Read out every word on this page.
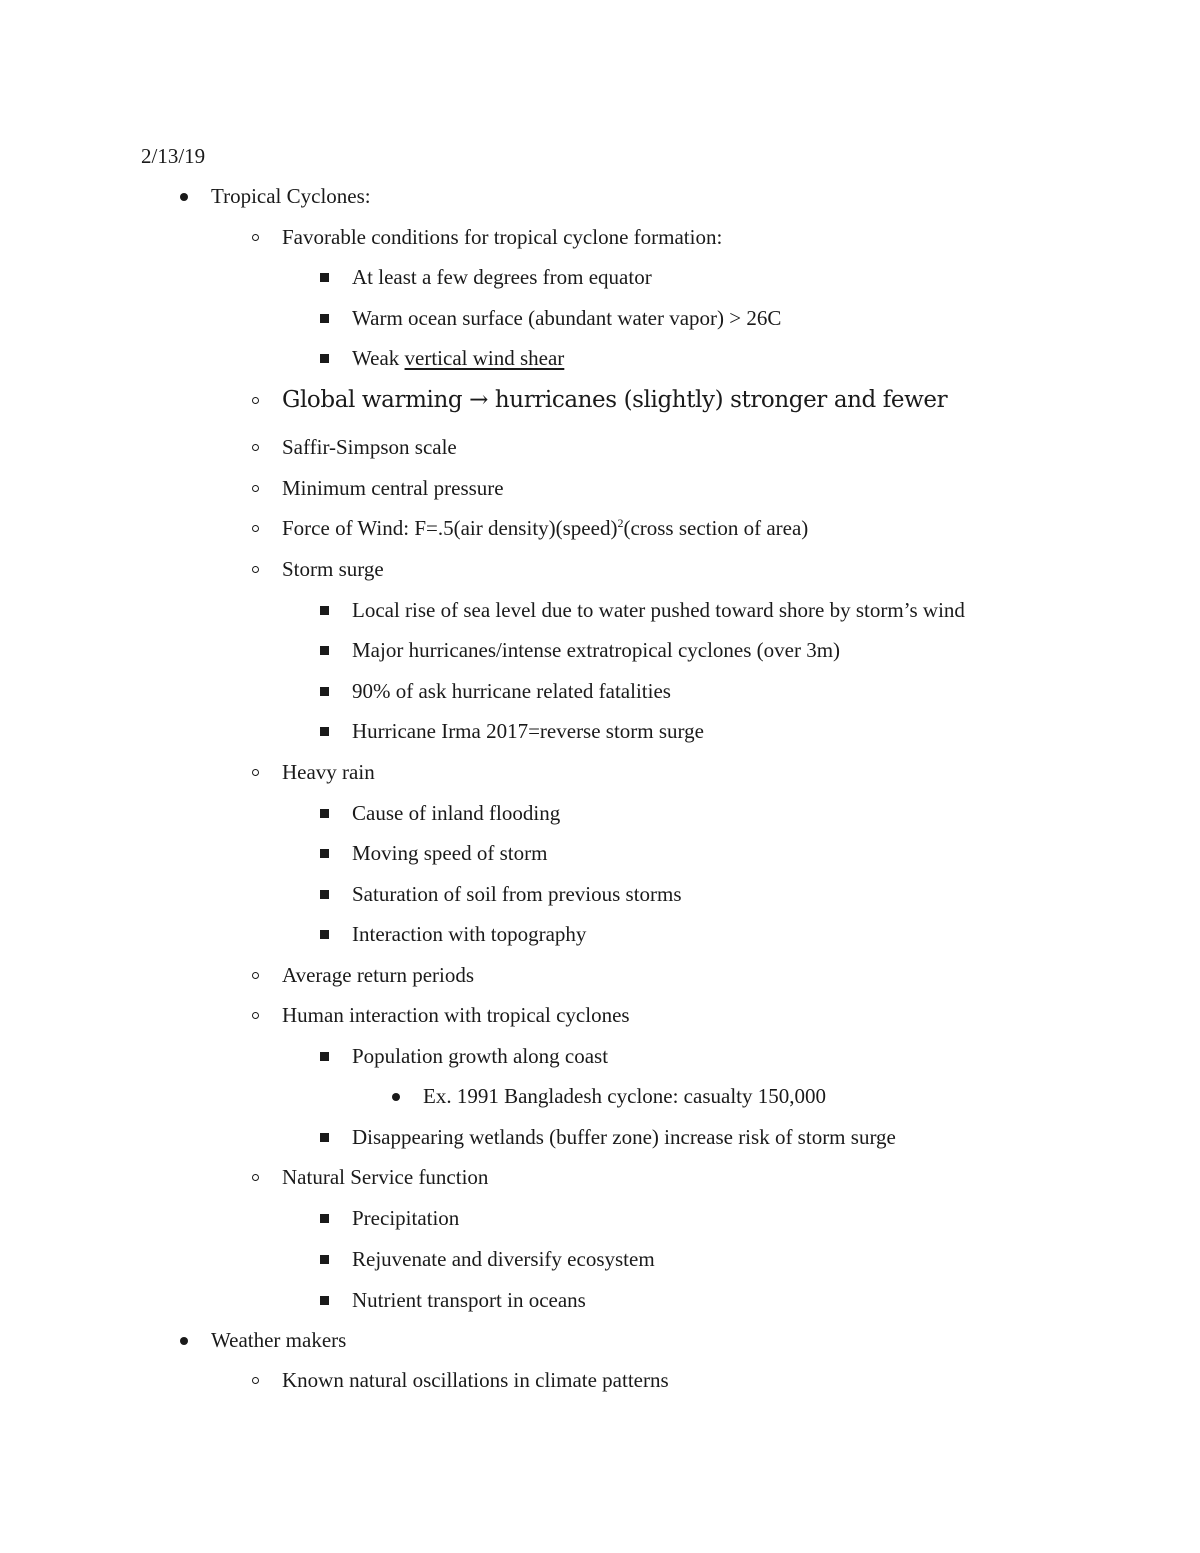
2/13/19
Tropical Cyclones:
Favorable conditions for tropical cyclone formation:
At least a few degrees from equator
Warm ocean surface (abundant water vapor) > 26C
Weak vertical wind shear
Global warming → hurricanes (slightly) stronger and fewer
Saffir-Simpson scale
Minimum central pressure
Force of Wind: F=.5(air density)(speed)$^2$(cross section of area)
Storm surge
Local rise of sea level due to water pushed toward shore by storm’s wind
Major hurricanes/intense extratropical cyclones (over 3m)
90% of ask hurricane related fatalities
Hurricane Irma 2017=reverse storm surge
Heavy rain
Cause of inland flooding
Moving speed of storm
Saturation of soil from previous storms
Interaction with topography
Average return periods
Human interaction with tropical cyclones
Population growth along coast
Ex. 1991 Bangladesh cyclone: casualty 150,000
Disappearing wetlands (buffer zone) increase risk of storm surge
Natural Service function
Precipitation
Rejuvenate and diversify ecosystem
Nutrient transport in oceans
Weather makers
Known natural oscillations in climate patterns
